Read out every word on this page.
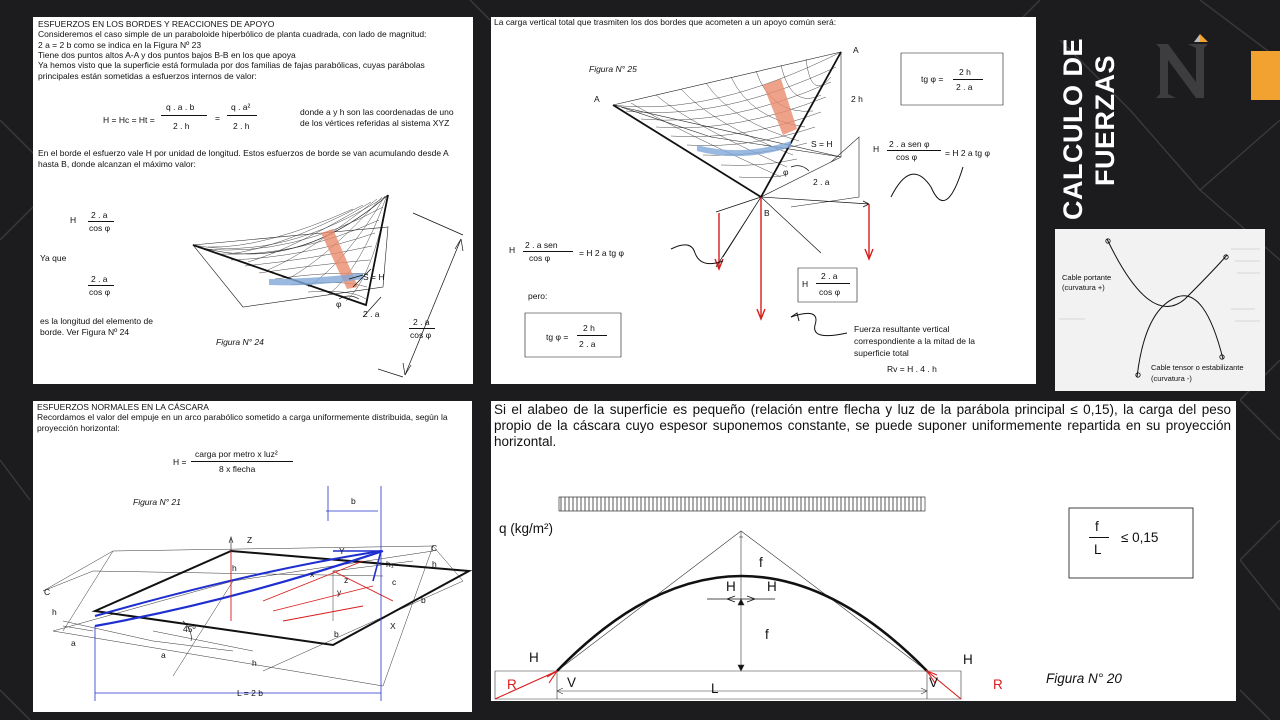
CALCULO DE FUERZAS
ESFUERZOS EN LOS BORDES Y REACCIONES DE APOYO
Consideremos el caso simple de un paraboloide hiperbólico de planta cuadrada, con lado de magnitud:
2 a = 2 b como se indica en la Figura Nº 23
Tiene dos puntos altos A-A y dos puntos bajos B-B en los que apoya
Ya hemos visto que la superficie está formulada por dos familias de fajas parabólicas, cuyas parábolas principales están sometidas a esfuerzos internos de valor:
H = Hc = Ht =
q . a . b
2 . h
=
q . a²
2 . h
donde a y h son las coordenadas de uno de los vértices referidas al sistema XYZ
En el borde el esfuerzo vale H por unidad de longitud. Estos esfuerzos de borde se van acumulando desde A hasta B, donde alcanzan el máximo valor:
H 2 . a
cos φ
Ya que
2 . a
cos φ
es la longitud del elemento de borde. Ver Figura Nº 24
S = H
φ
2 . a
Figura N° 24
2 . a
cos φ
La carga vertical total que trasmiten los dos bordes que acometen a un apoyo común será:
Figura N° 25
A
A
B
2 h
S = H
φ
2 . a
tg φ =
2 h
2 . a
H 2 . a sen φ
cos φ	= H 2 a tg φ
H 2 . a sen
cos φ	= H 2 a tg φ
pero:
tg φ =
2 h
2 . a
H
2 . a
cos φ
Fuerza resultante vertical
correspondiente a la mitad de la
superficie total
Rv = H . 4 . h
Cable portante
(curvatura +)
Cable tensor o estabilizante
(curvatura -)
ESFUERZOS NORMALES EN LA CÁSCARA
Recordamos el valor del empuje en un arco parabólico sometido a carga uniformemente distribuida, según la proyección horizontal:
H =
carga por metro x luz²
8 x flecha
Figura N° 21
Z
Y
X
C
C
b
b
b
a
a
h
h
h
h
h₁
c
x
y
z
45º
L = 2 b
Si el alabeo de la superficie es pequeño (relación entre flecha y luz de la parábola principal ≤ 0,15), la carga del peso propio de la cáscara cuyo espesor suponemos constante, se puede suponer uniformemente repartida en su proyección horizontal.
q (kg/m²)	f
L
≤ 0,15
f
f
H H
H	H
V	V
R	R
L
Figura N° 20
